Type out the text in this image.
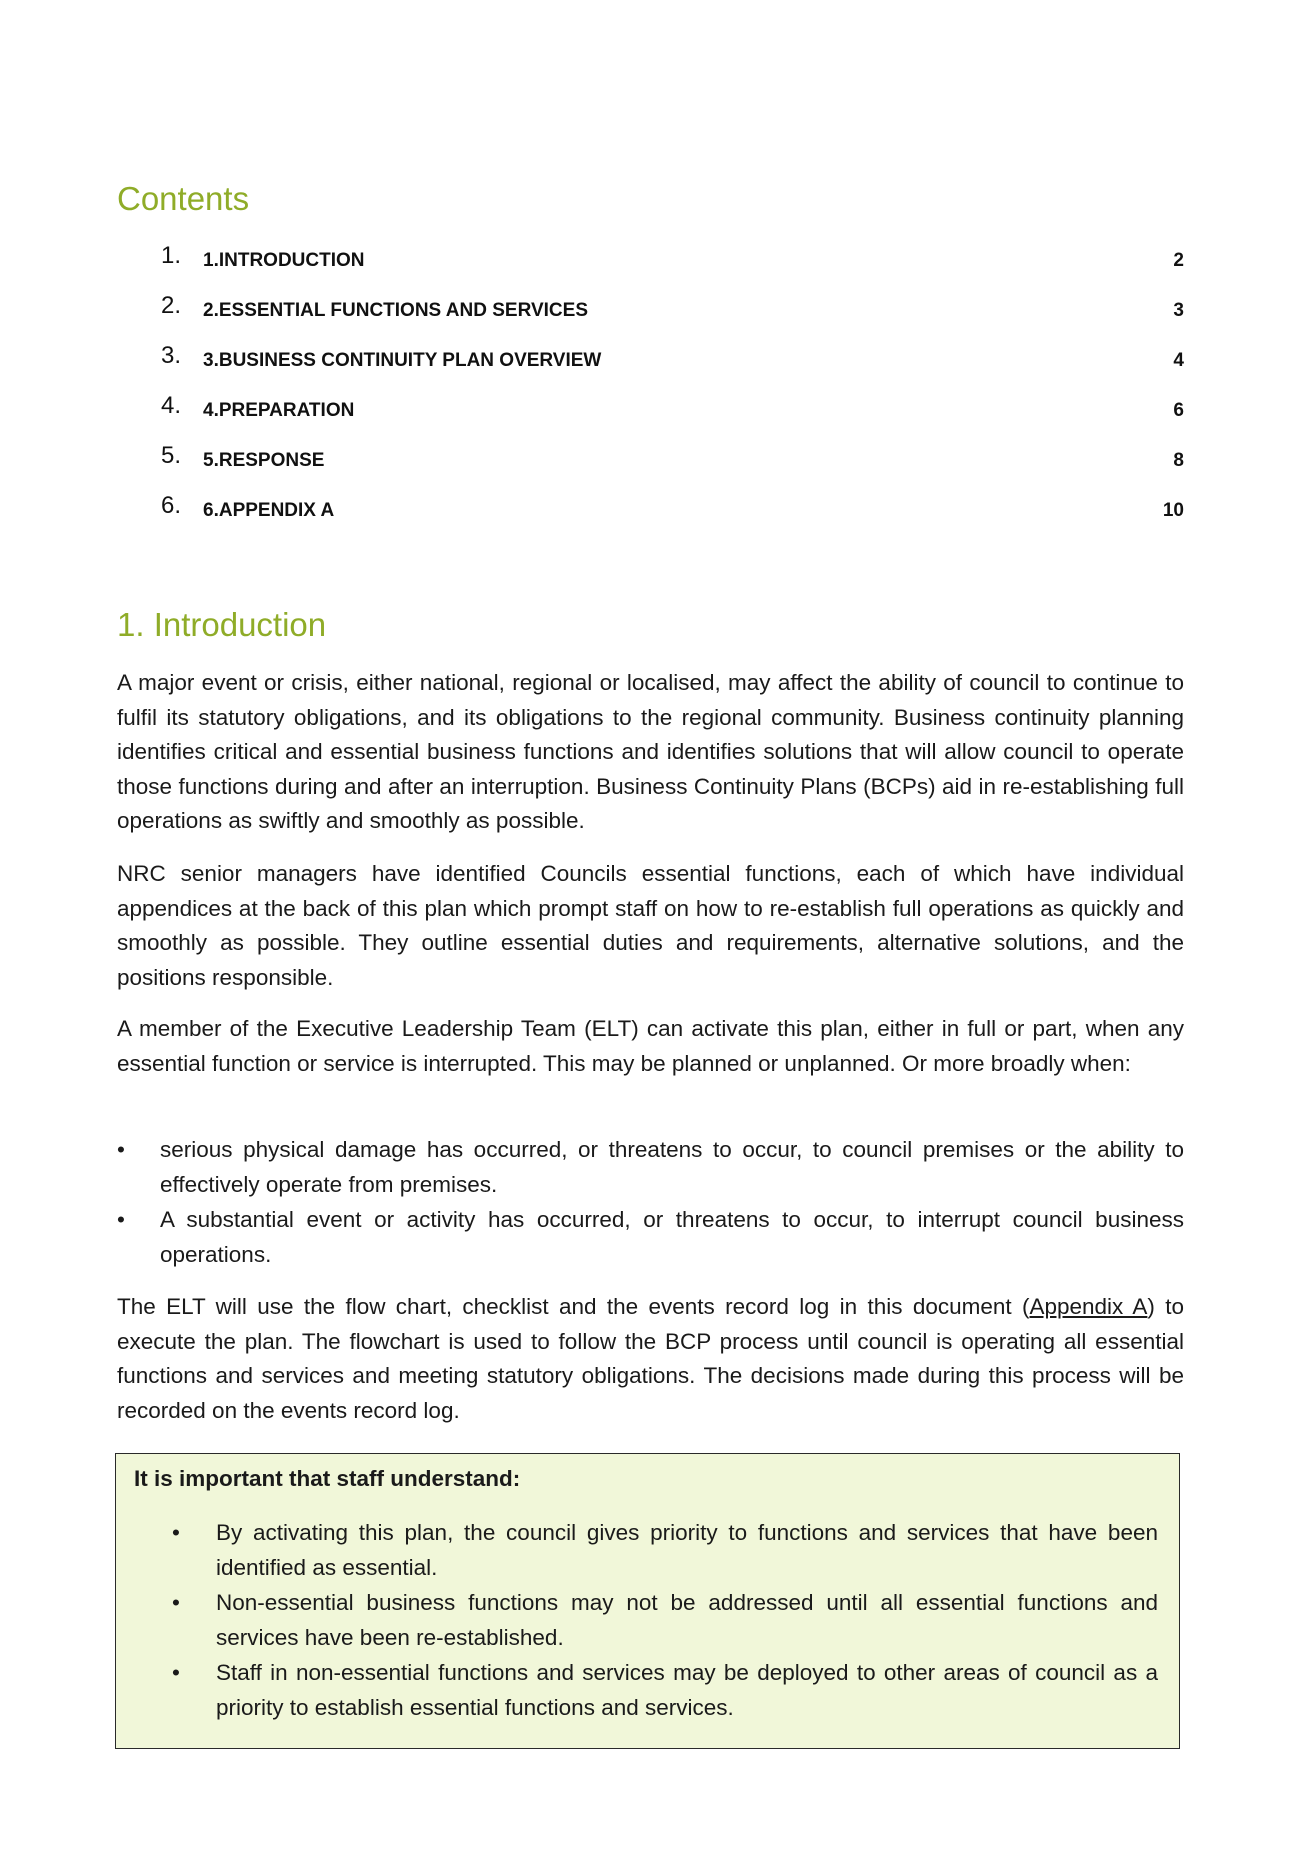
Contents
1. 1.INTRODUCTION	2
2. 2.ESSENTIAL FUNCTIONS AND SERVICES	3
3. 3.BUSINESS CONTINUITY PLAN OVERVIEW	4
4. 4.PREPARATION	6
5. 5.RESPONSE	8
6. 6.APPENDIX A	10
1. Introduction

A major event or crisis, either national, regional or localised, may affect the ability of council to continue to fulfil its statutory obligations, and its obligations to the regional community. Business continuity planning identifies critical and essential business functions and identifies solutions that will allow council to operate those functions during and after an interruption. Business Continuity Plans (BCPs) aid in re-establishing full operations as swiftly and smoothly as possible.

NRC senior managers have identified Councils essential functions, each of which have individual appendices at the back of this plan which prompt staff on how to re-establish full operations as quickly and smoothly as possible. They outline essential duties and requirements, alternative solutions, and the positions responsible.

A member of the Executive Leadership Team (ELT) can activate this plan, either in full or part, when any essential function or service is interrupted. This may be planned or unplanned. Or more broadly when:

• serious physical damage has occurred, or threatens to occur, to council premises or the ability to effectively operate from premises.
• A substantial event or activity has occurred, or threatens to occur, to interrupt council business operations.

The ELT will use the flow chart, checklist and the events record log in this document (Appendix A) to execute the plan. The flowchart is used to follow the BCP process until council is operating all essential functions and services and meeting statutory obligations. The decisions made during this process will be recorded on the events record log.

It is important that staff understand:

• By activating this plan, the council gives priority to functions and services that have been identified as essential.
• Non-essential business functions may not be addressed until all essential functions and services have been re-established.
• Staff in non-essential functions and services may be deployed to other areas of council as a priority to establish essential functions and services.
